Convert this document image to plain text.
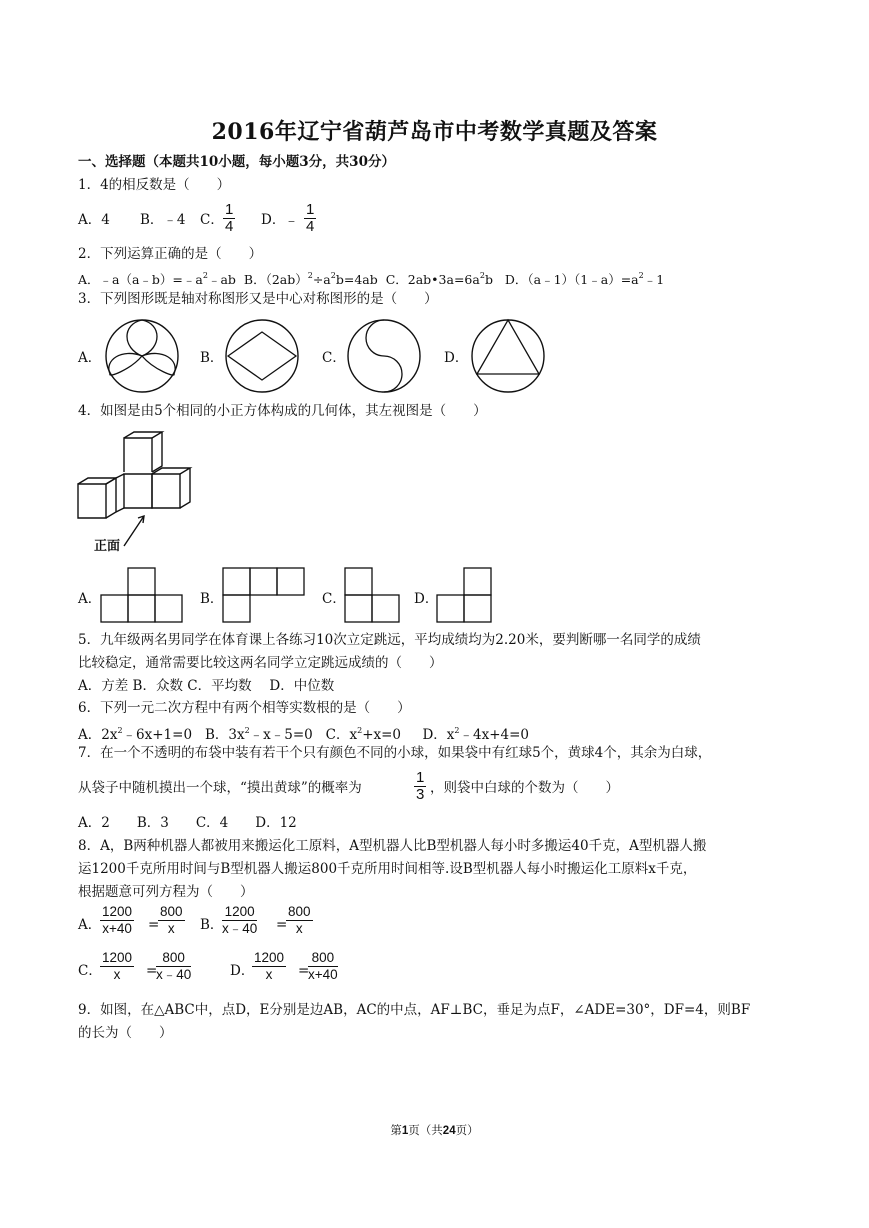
2016年辽宁省葫芦岛市中考数学真题及答案
一、选择题（本题共10小题，每小题3分，共30分）
1．4的相反数是（　　）
A．4 B．﹣4 C． $\frac{1}{4}$ D．
﹣ $\frac{1}{4}$
2．下列运算正确的是（　　）
A．$﹣a(a﹣b)=﹣a^2﹣ab$ B．$(2ab)^2\div a^2b=4ab$ C．$2ab•3a=6a^2b$ D．$(a﹣1)(1﹣a)=a^2﹣1$
3．下列图形既是轴对称图形又是中心对称图形的是（　　）
A．	B．	C．	D．
4．如图是由5个相同的小正方体构成的几何体，其左视图是（　　）
正面
A．	B．	C．	D．
5．九年级两名男同学在体育课上各练习10次立定跳远，平均成绩均为2.20米，要判断哪一名同学的成绩
比较稳定，通常需要比较这两名同学立定跳远成绩的（　　）
A．方差 B．众数 C．平均数　 D．中位数
6．下列一元二次方程中有两个相等实数根的是（　　）
A．$2x^2﹣6x+1=0$ B．$3x^2﹣x﹣5=0$ C．$x^2+x=0$ D．$x^2﹣4x+4=0$
7．在一个不透明的布袋中装有若干个只有颜色不同的小球，如果袋中有红球5个，黄球4个，其余为白球，
从袋子中随机摸出一个球，“摸出黄球”的概率为	$\frac{1}{3}$ ，则袋中白球的个数为（　　）
A．2　　B．3　　C．4　　D．12
8．A，B两种机器人都被用来搬运化工原料，A型机器人比B型机器人每小时多搬运40千克，A型机器人搬
运1200千克所用时间与B型机器人搬运800千克所用时间相等.设B型机器人每小时搬运化工原料x千克，
根据题意可列方程为（　　）
A．
$\frac{1200}{x+40}$ =
$\frac{800}{x}$ B．
$\frac{1200}{x﹣40}$ =
$\frac{800}{x}$
C．
$\frac{1200}{x}$ =
$\frac{800}{x﹣40}$	D．
$\frac{1200}{x}$ =
$\frac{800}{x+40}$
9．如图，在△ABC中，点D，E分别是边AB，AC的中点，AF⊥BC，垂足为点F，∠ADE=30°，DF=4，则BF
的长为（　　）
第1页（共24页）
